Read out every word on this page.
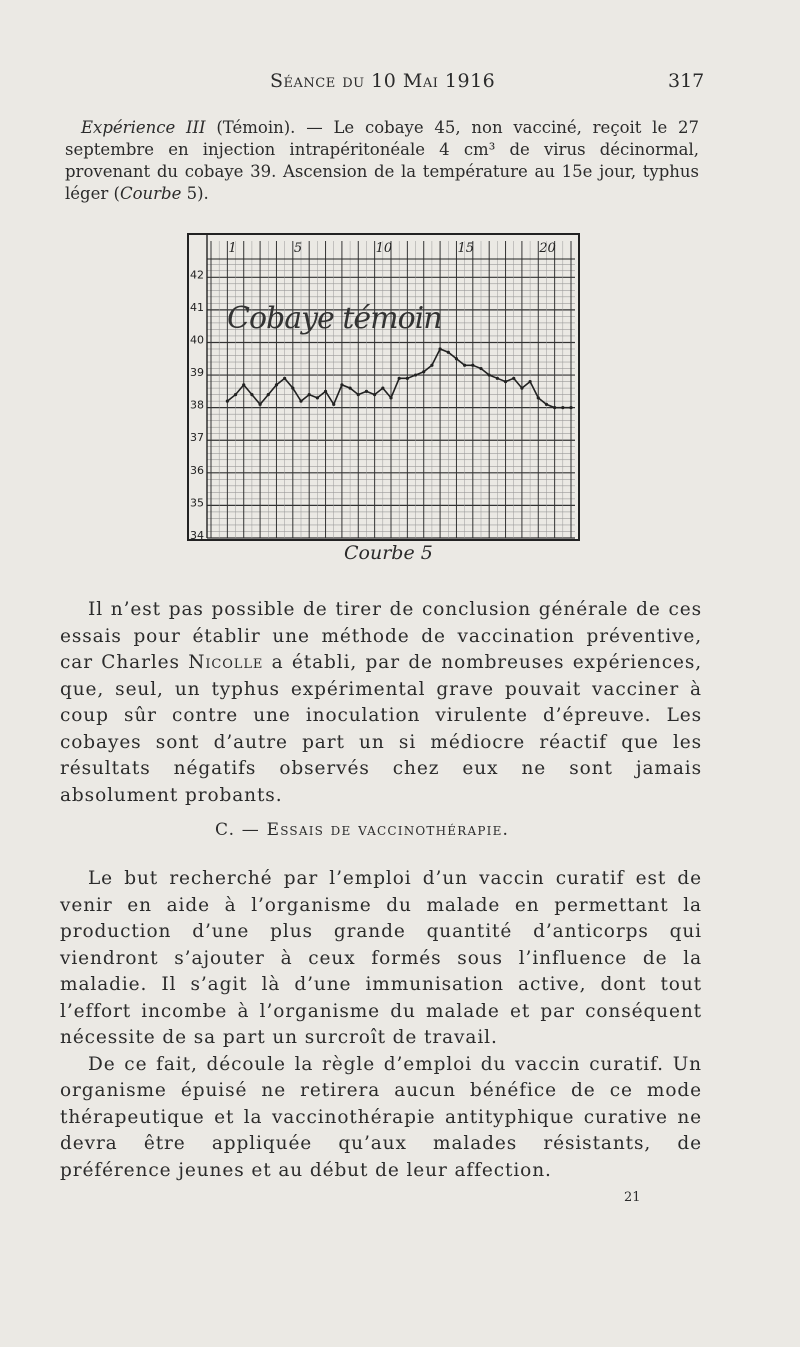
Séance du 10 Mai 1916	317

Expérience III (Témoin). — Le cobaye 45, non vacciné, reçoit le 27 septembre en injection intrapéritonéale 4 cm³ de virus décinormal, provenant du cobaye 39. Ascension de la température au 15e jour, typhus léger (Courbe 5).

42
41
40
39
38
37
36
35
34
1	5	10	15	20
Cobaye témoin
Courbe 5

Il n’est pas possible de tirer de conclusion générale de ces essais pour établir une méthode de vaccination préventive, car Charles Nicolle a établi, par de nombreuses expériences, que, seul, un typhus expérimental grave pouvait vacciner à coup sûr contre une inoculation virulente d’épreuve. Les cobayes sont d’autre part un si médiocre réactif que les résultats négatifs observés chez eux ne sont jamais absolument probants.

C. — Essais de vaccinothérapie.

Le but recherché par l’emploi d’un vaccin curatif est de venir en aide à l’organisme du malade en permettant la production d’une plus grande quantité d’anticorps qui viendront s’ajouter à ceux formés sous l’influence de la maladie. Il s’agit là d’une immunisation active, dont tout l’effort incombe à l’organisme du malade et par conséquent nécessite de sa part un surcroît de travail.

De ce fait, découle la règle d’emploi du vaccin curatif. Un organisme épuisé ne retirera aucun bénéfice de ce mode thérapeutique et la vaccinothérapie antityphique curative ne devra être appliquée qu’aux malades résistants, de préférence jeunes et au début de leur affection.

21
